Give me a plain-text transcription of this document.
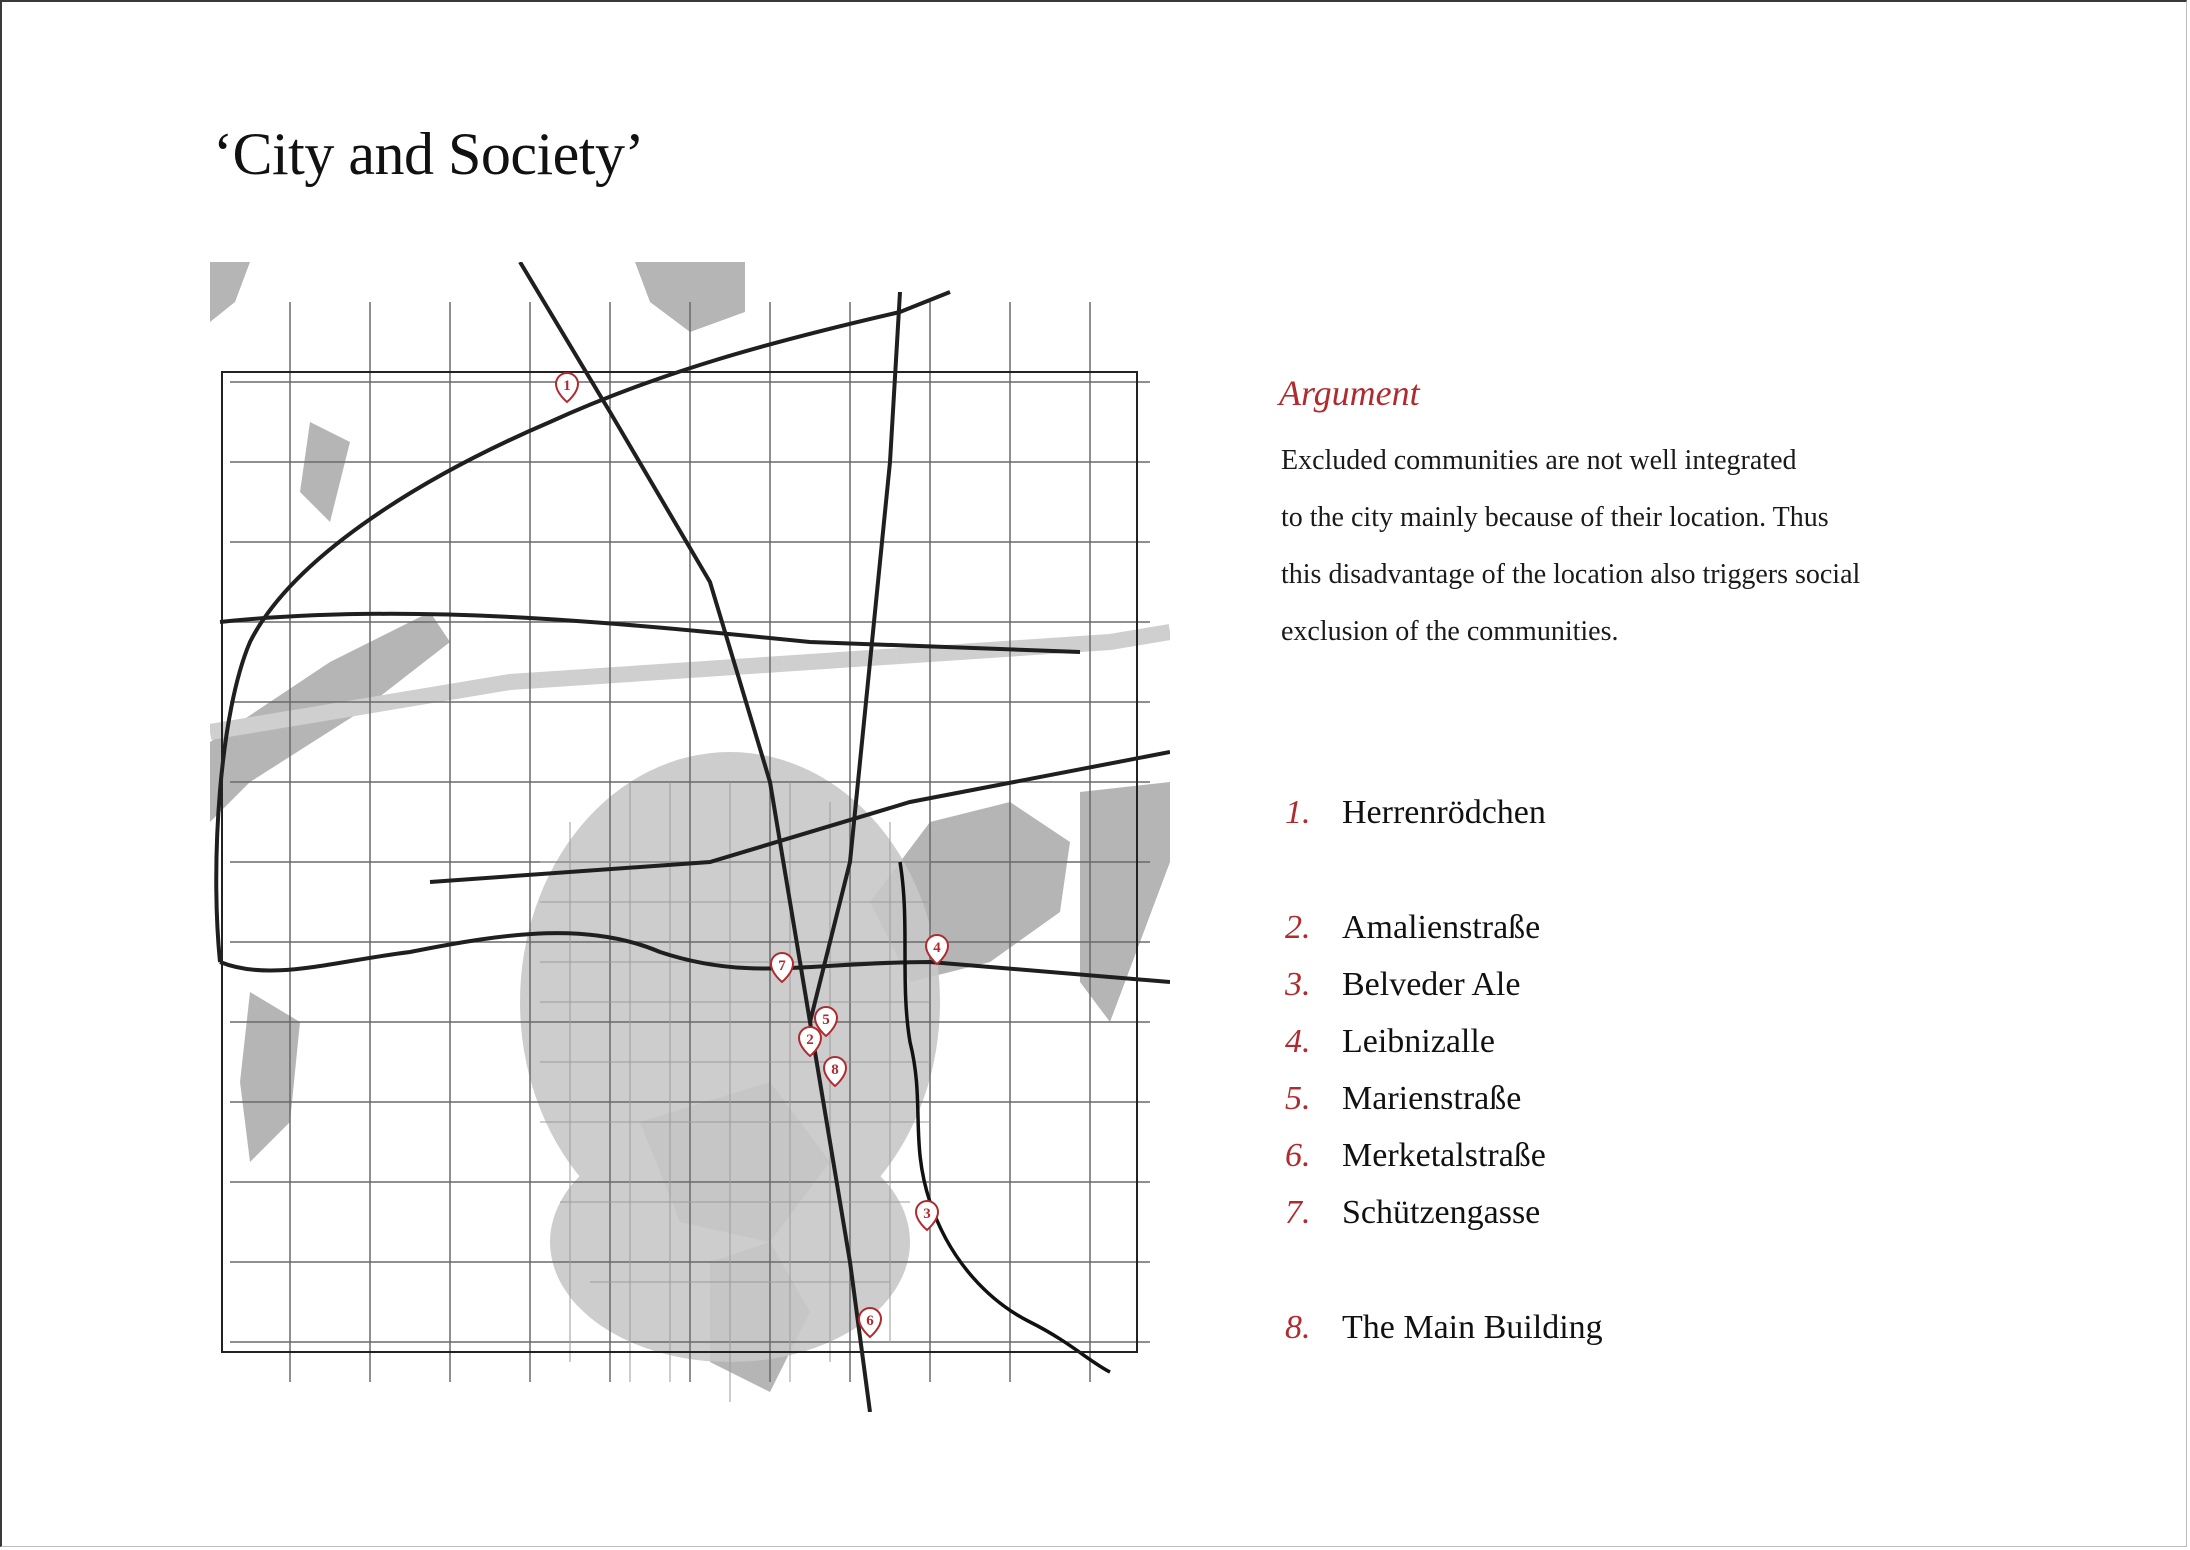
‘City and Society’
1
2
3
4
5
6
7
8
Argument
Excluded communities are not well integrated
to the city mainly because of their location. Thus
this disadvantage of the location also triggers social
exclusion of the communities.
1. Herrenrödchen
2. Amalienstraße
3. Belveder Ale
4. Leibnizalle
5. Marienstraße
6. Merketalstraße
7. Schützengasse
8. The Main Building
